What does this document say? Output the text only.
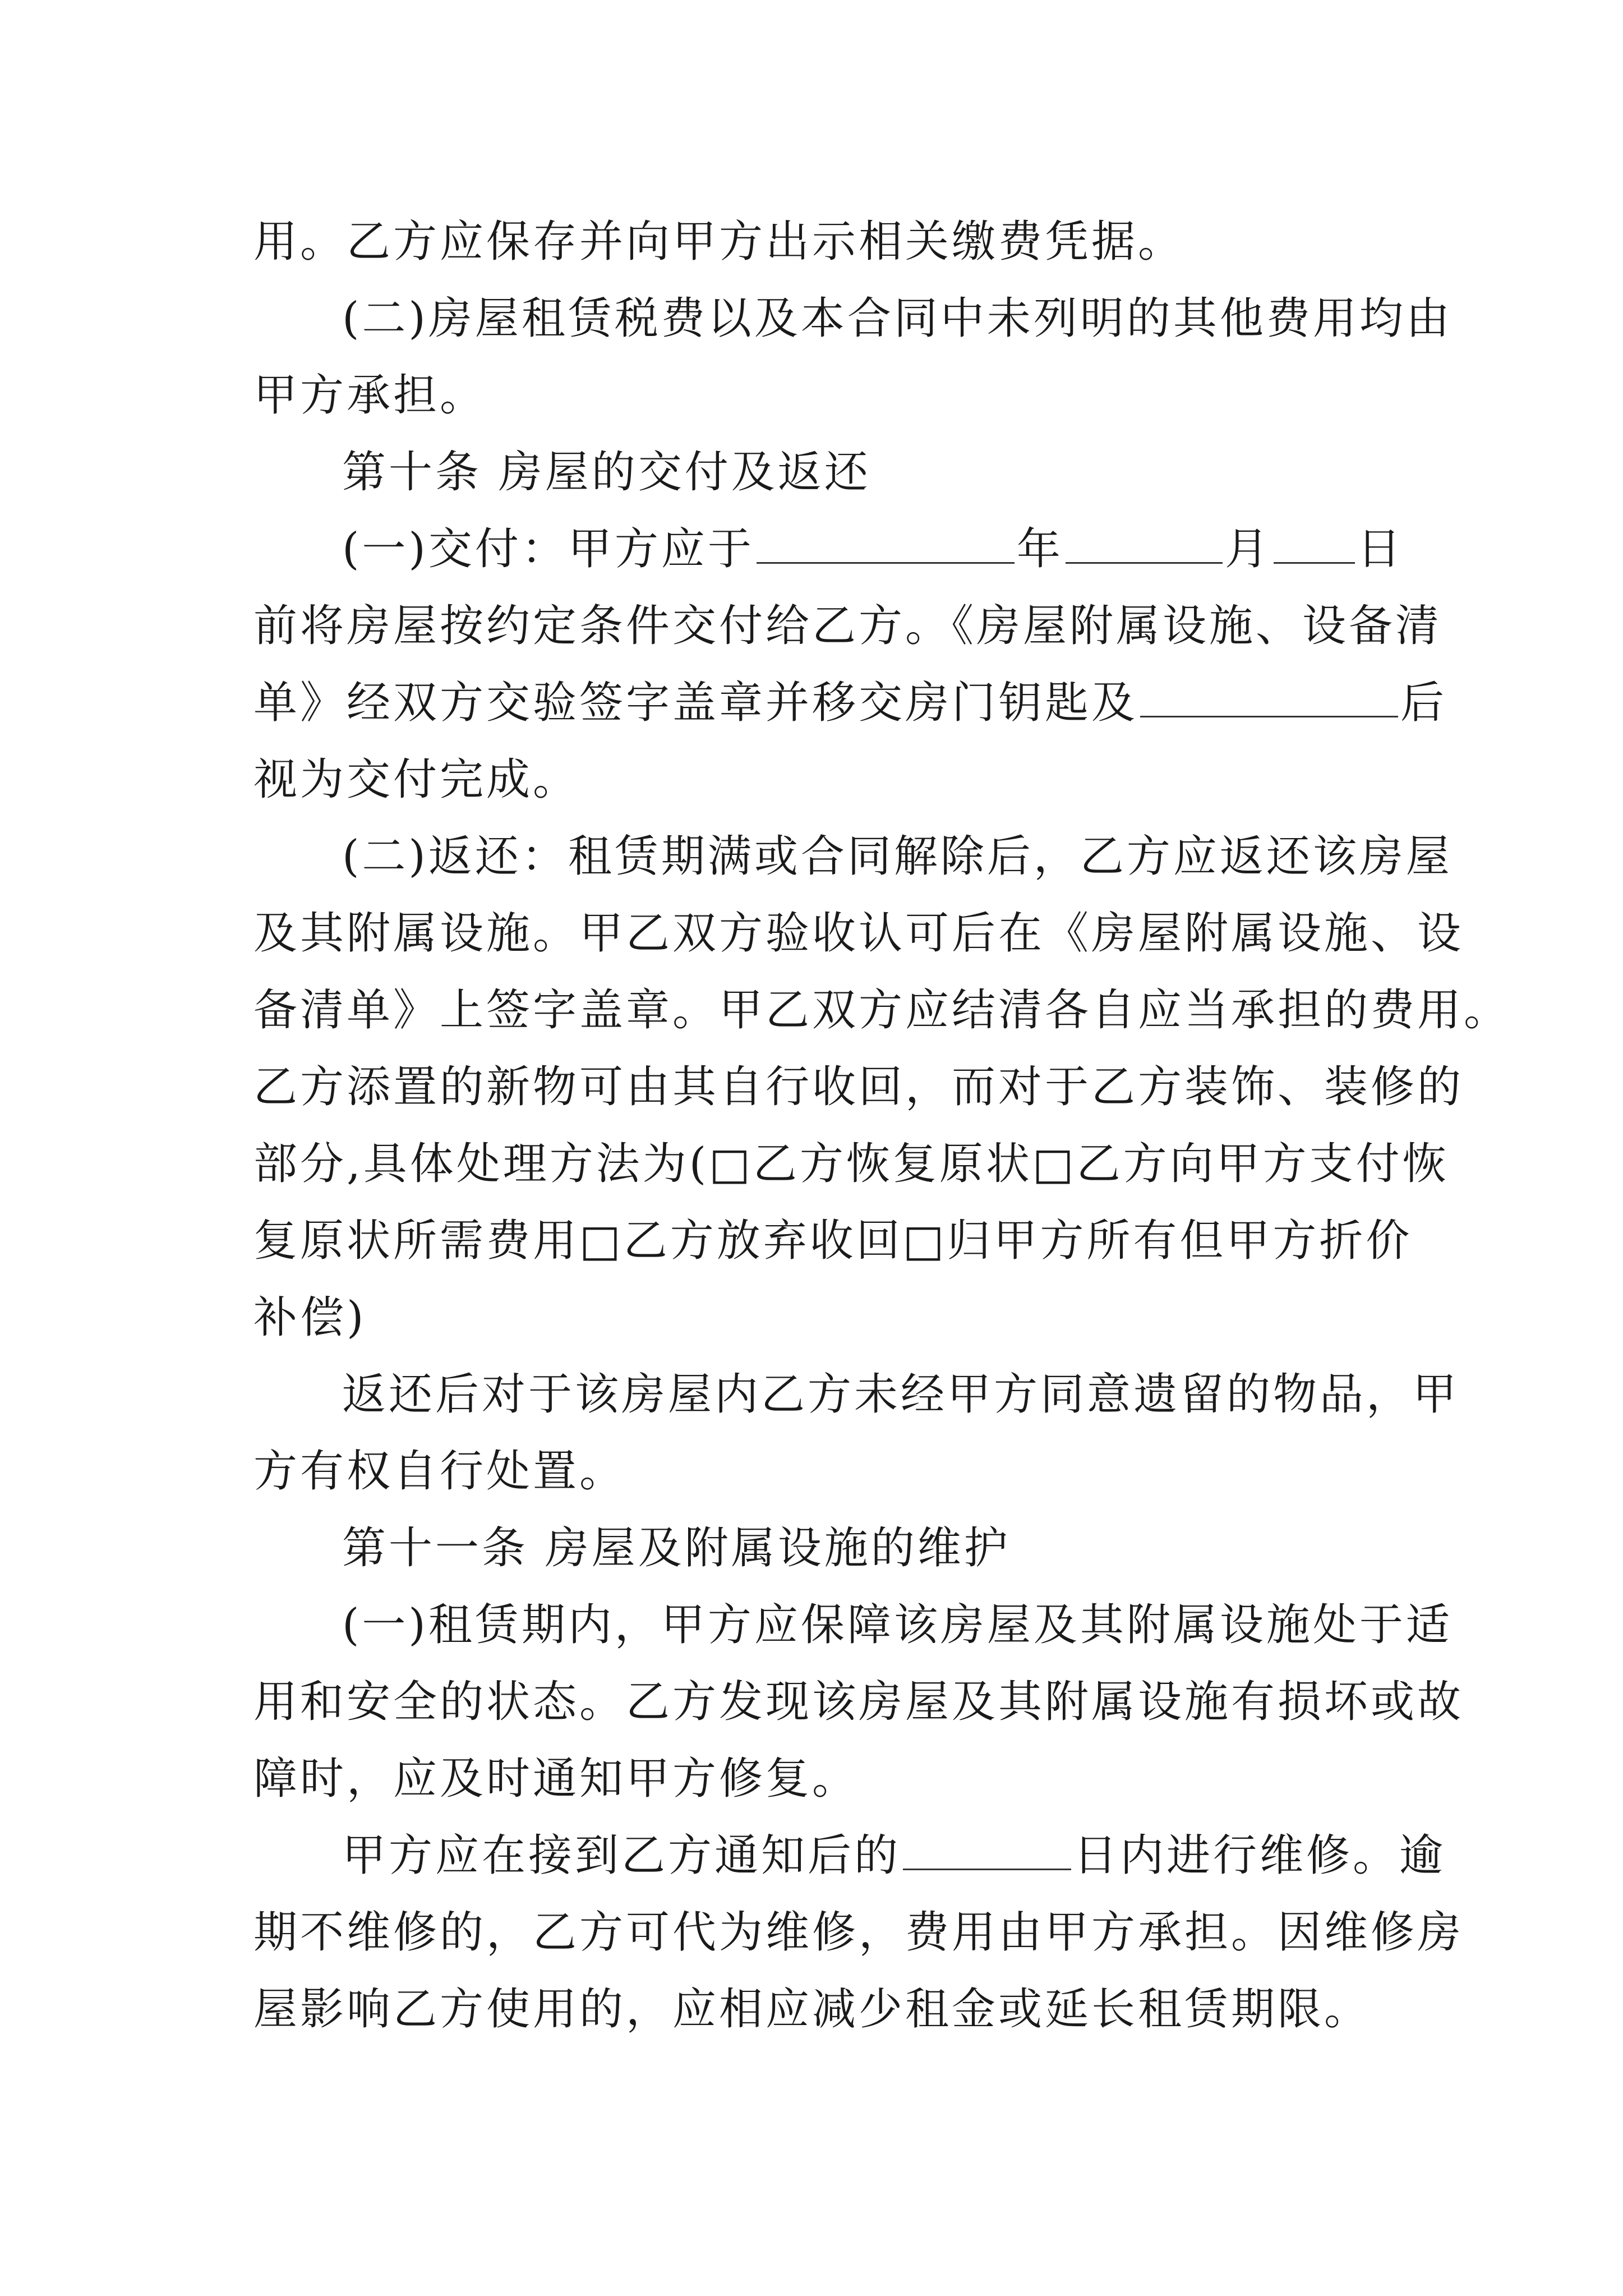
用。乙方应保存并向甲方出示相关缴费凭据。
(二)房屋租赁税费以及本合同中未列明的其他费用均由
甲方承担。
第十条 房屋的交付及返还
(一)交付：甲方应于	年	月 日
前将房屋按约定条件交付给乙方。《房屋附属设施、设备清
单》经双方交验签字盖章并移交房门钥匙及	后
视为交付完成。
(二)返还：租赁期满或合同解除后，乙方应返还该房屋
及其附属设施。甲乙双方验收认可后在《房屋附属设施、设
备清单》上签字盖章。甲乙双方应结清各自应当承担的费用。
乙方添置的新物可由其自行收回，而对于乙方装饰、装修的
部分,具体处理方法为(□乙方恢复原状□乙方向甲方支付恢
复原状所需费用□乙方放弃收回□归甲方所有但甲方折价
补偿)
返还后对于该房屋内乙方未经甲方同意遗留的物品，甲
方有权自行处置。
第十一条 房屋及附属设施的维护
(一)租赁期内，甲方应保障该房屋及其附属设施处于适
用和安全的状态。乙方发现该房屋及其附属设施有损坏或故
障时，应及时通知甲方修复。
甲方应在接到乙方通知后的	日内进行维修。逾
期不维修的，乙方可代为维修，费用由甲方承担。因维修房
屋影响乙方使用的，应相应减少租金或延长租赁期限。
